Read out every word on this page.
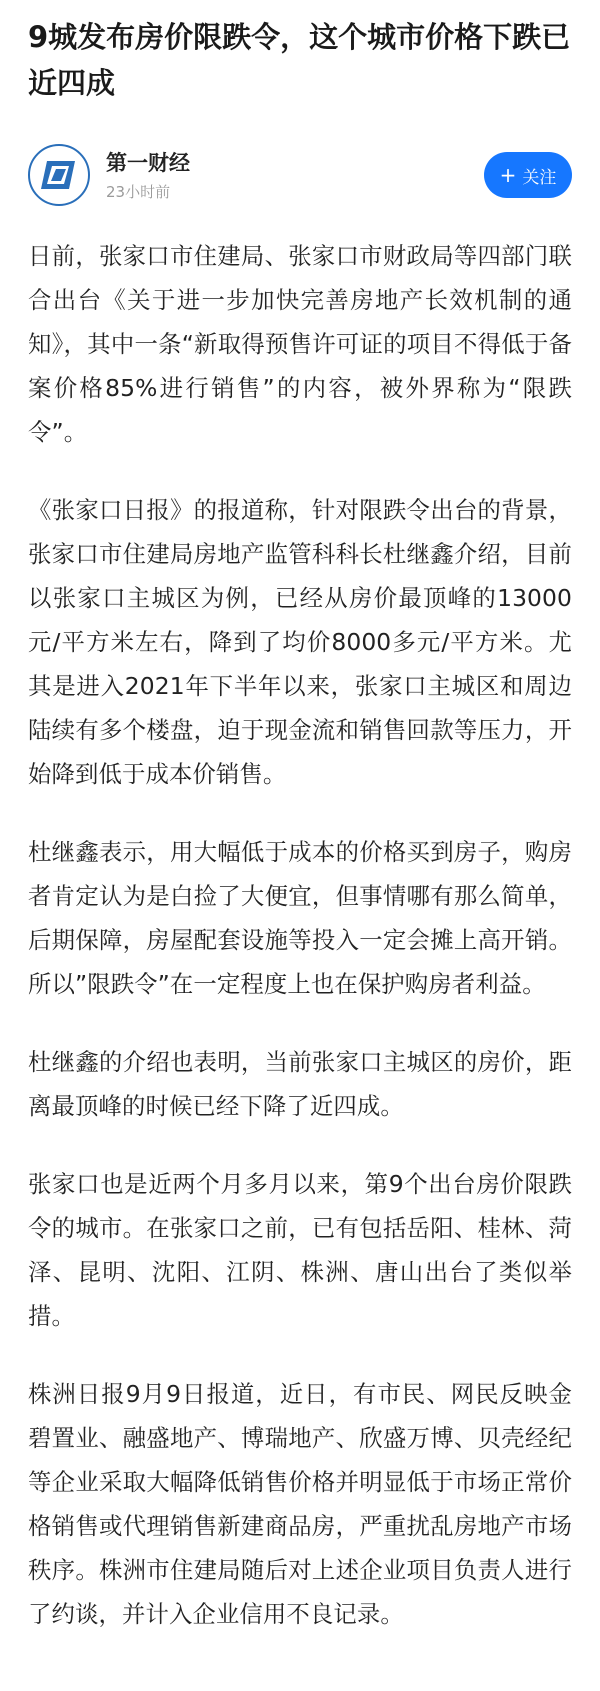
9城发布房价限跌令，这个城市价格下跌已近四成
第一财经
23小时前
+ 关注

日前，张家口市住建局、张家口市财政局等四部门联合出台《关于进一步加快完善房地产长效机制的通知》，其中一条“新取得预售许可证的项目不得低于备案价格85%进行销售”的内容，被外界称为“限跌令”。

《张家口日报》的报道称，针对限跌令出台的背景，张家口市住建局房地产监管科科长杜继鑫介绍，目前以张家口主城区为例，已经从房价最顶峰的13000元/平方米左右，降到了均价8000多元/平方米。尤其是进入2021年下半年以来，张家口主城区和周边陆续有多个楼盘，迫于现金流和销售回款等压力，开始降到低于成本价销售。

杜继鑫表示，用大幅低于成本的价格买到房子，购房者肯定认为是白捡了大便宜，但事情哪有那么简单，后期保障，房屋配套设施等投入一定会摊上高开销。所以”限跌令”在一定程度上也在保护购房者利益。

杜继鑫的介绍也表明，当前张家口主城区的房价，距离最顶峰的时候已经下降了近四成。

张家口也是近两个月多月以来，第9个出台房价限跌令的城市。在张家口之前，已有包括岳阳、桂林、菏泽、昆明、沈阳、江阴、株洲、唐山出台了类似举措。

株洲日报9月9日报道，近日，有市民、网民反映金碧置业、融盛地产、博瑞地产、欣盛万博、贝壳经纪等企业采取大幅降低销售价格并明显低于市场正常价格销售或代理销售新建商品房，严重扰乱房地产市场秩序。株洲市住建局随后对上述企业项目负责人进行了约谈，并计入企业信用不良记录。
